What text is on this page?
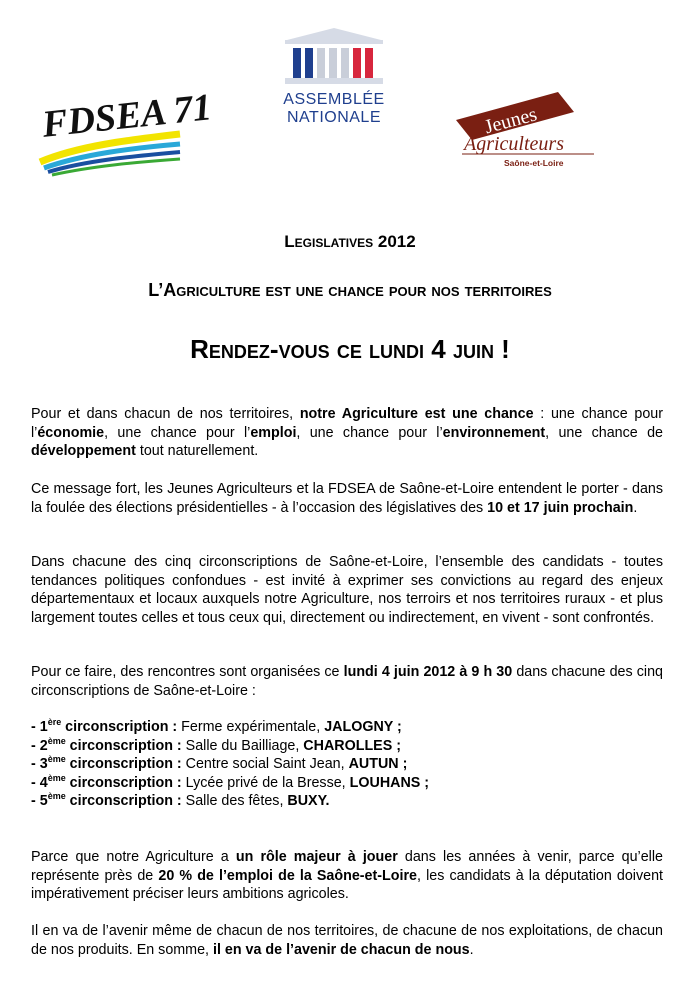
FDSEA 71	ASSEMBLÉE
NATIONALE	Jeunes
Agriculteurs
Saône-et-Loire
Legislatives 2012
L’Agriculture est une chance pour nos territoires
Rendez-vous ce lundi 4 juin !

Pour et dans chacun de nos territoires, notre Agriculture est une chance : une chance pour l’économie, une chance pour l’emploi, une chance pour l’environnement, une chance de développement tout naturellement.

Ce message fort, les Jeunes Agriculteurs et la FDSEA de Saône-et-Loire entendent le porter - dans la foulée des élections présidentielles - à l’occasion des législatives des 10 et 17 juin prochain.

Dans chacune des cinq circonscriptions de Saône-et-Loire, l’ensemble des candidats - toutes tendances politiques confondues - est invité à exprimer ses convictions au regard des enjeux départementaux et locaux auxquels notre Agriculture, nos terroirs et nos territoires ruraux - et plus largement toutes celles et tous ceux qui, directement ou indirectement, en vivent - sont confrontés.

Pour ce faire, des rencontres sont organisées ce lundi 4 juin 2012 à 9 h 30 dans chacune des cinq circonscriptions de Saône-et-Loire :

- 1ère circonscription : Ferme expérimentale, JALOGNY ;
- 2ème circonscription : Salle du Bailliage, CHAROLLES ;
- 3ème circonscription : Centre social Saint Jean, AUTUN ;
- 4ème circonscription : Lycée privé de la Bresse, LOUHANS ;
- 5ème circonscription : Salle des fêtes, BUXY.

Parce que notre Agriculture a un rôle majeur à jouer dans les années à venir, parce qu’elle représente près de 20 % de l’emploi de la Saône-et-Loire, les candidats à la députation doivent impérativement préciser leurs ambitions agricoles.

Il en va de l’avenir même de chacun de nos territoires, de chacune de nos exploitations, de chacun de nos produits. En somme, il en va de l’avenir de chacun de nous.
